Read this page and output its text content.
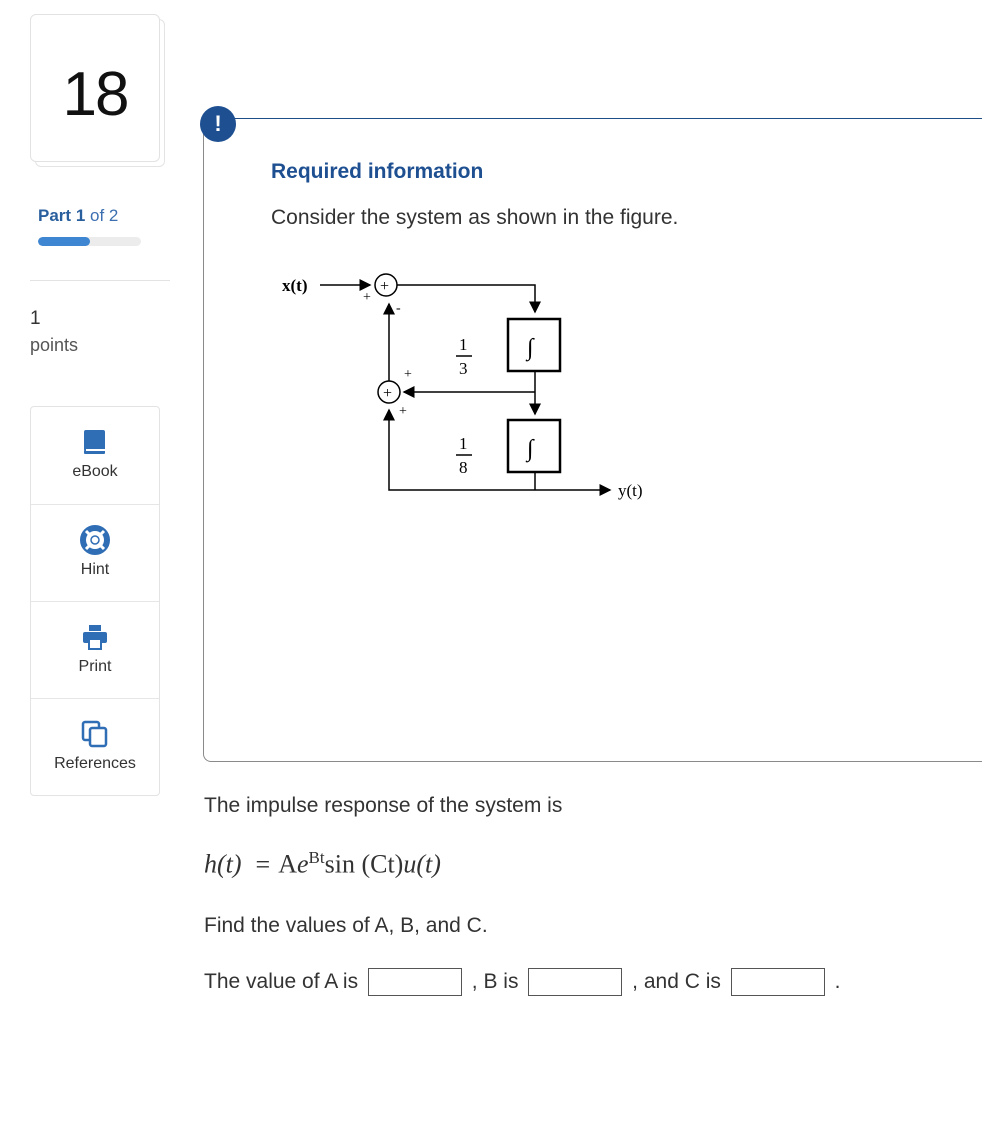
18
Part 1 of 2
1
points
eBook
Hint
Print
References
!
Required information
Consider the system as shown in the figure.
x(t)	+
+
-
∫
∫
1
3
+
+
+
1
8
y(t)
The impulse response of the system is
$h(t) = Ae^{Bt}\sin$ (Ct)u(t)
Find the values of A, B, and C.
The value of A is	, B is	, and C is	.
